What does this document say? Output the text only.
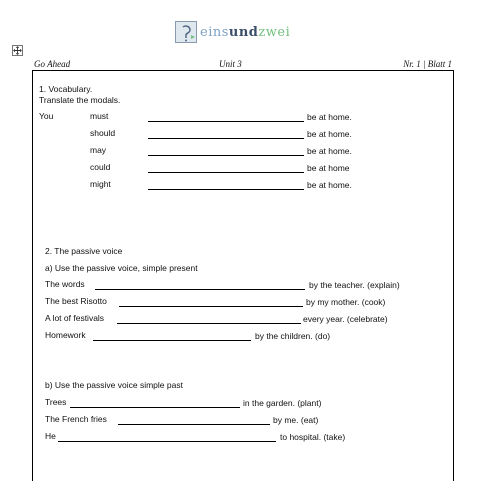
einsundzwei
Go Ahead	Unit 3	Nr. 1 | Blatt 1
1. Vocabulary.
Translate the modals.
You	must	be at home.
should	be at home.
may	be at home.
could	be at home
might	be at home.
2. The passive voice
a) Use the passive voice, simple present
The words	by the teacher. (explain)
The best Risotto	by my mother. (cook)
A lot of festivals	every year. (celebrate)
Homework	by the children. (do)
b) Use the passive voice simple past
Trees	in the garden. (plant)
The French fries	by me. (eat)
He	to hospital. (take)
